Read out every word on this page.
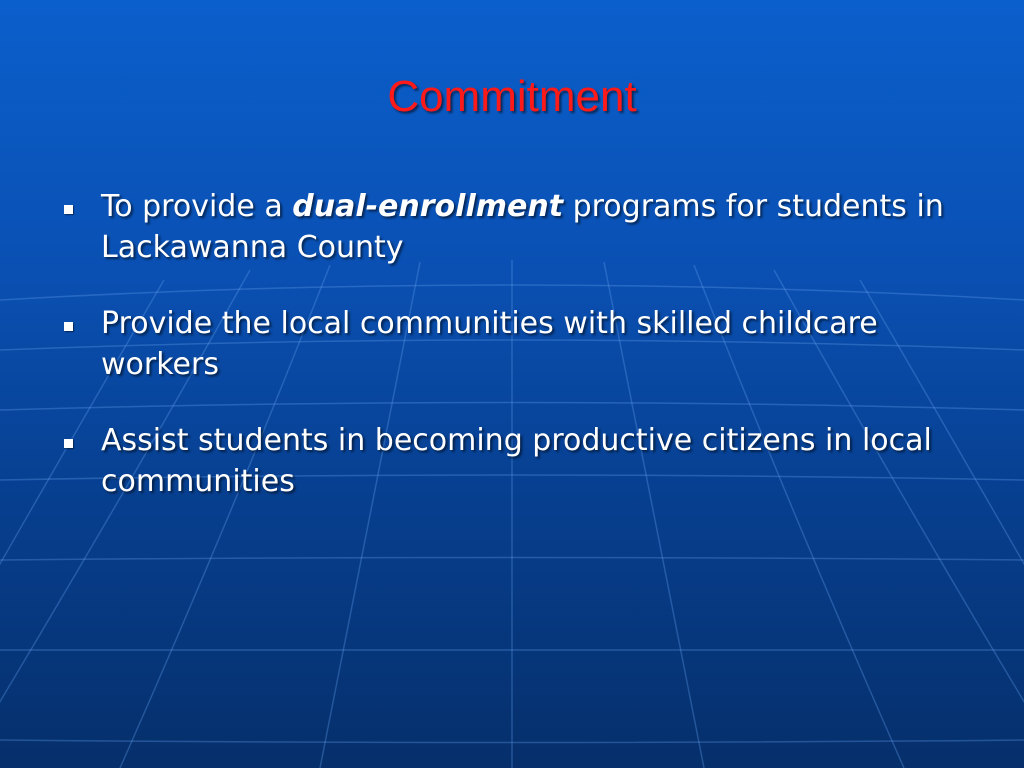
Commitment
To provide a dual-enrollment programs for students in Lackawanna County
Provide the local communities with skilled childcare workers
Assist students in becoming productive citizens in local communities
